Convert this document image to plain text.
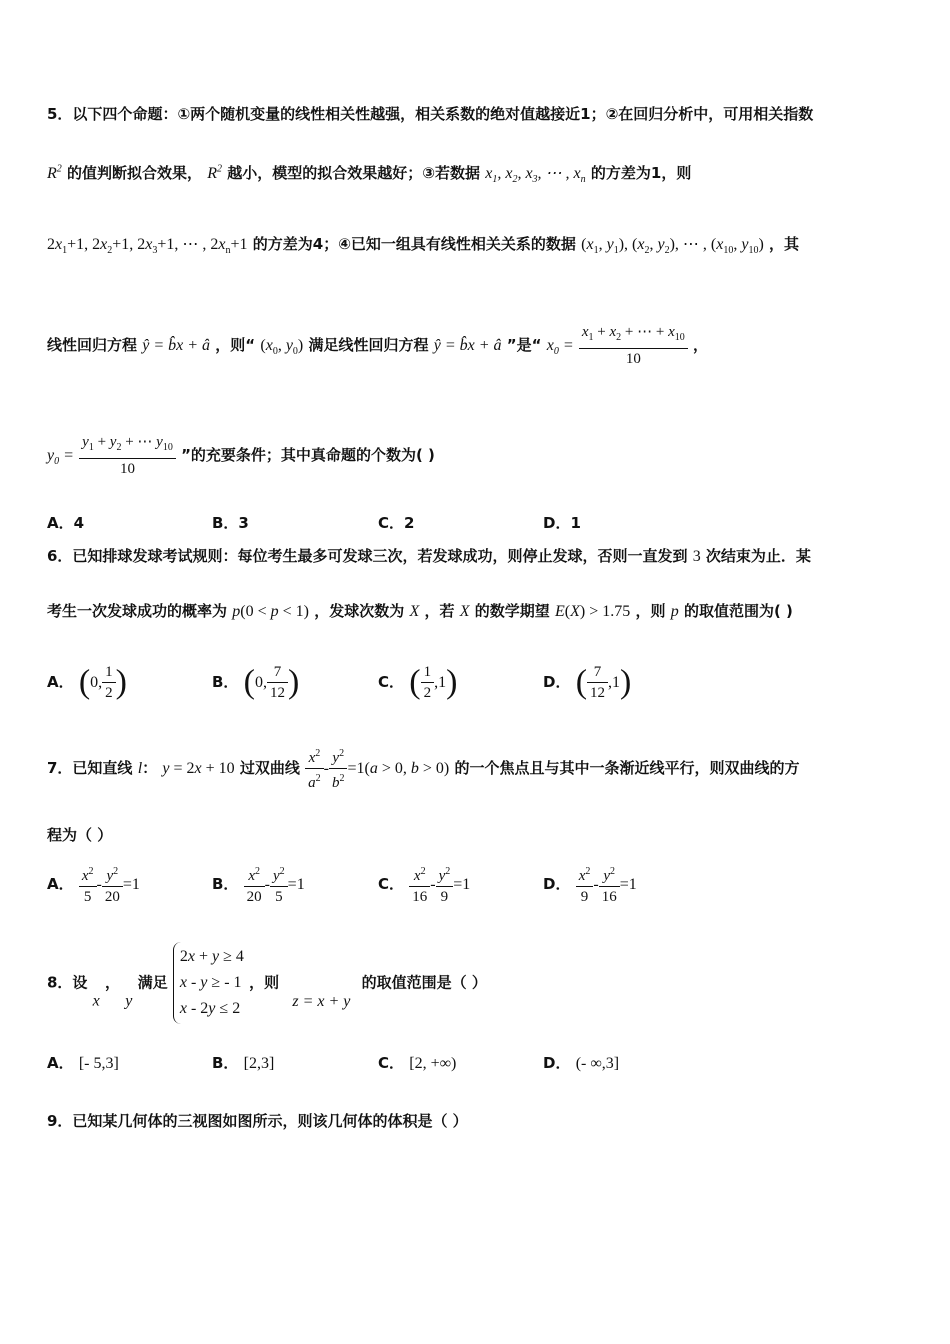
5．以下四个命题：①两个随机变量的线性相关性越强，相关系数的绝对值越接近1；②在回归分析中，可用相关指数
$R^2$ 的值判断拟合效果， $R^2$ 越小，模型的拟合效果越好；③若数据 $x_1$, $x_2$, $x_3$, ⋯ , $x_n$ 的方差为1，则
$2x_1+1$, $2x_2+1$, $2x_3+1$, ⋯ , $2x_n+1$ 的方差为4；④已知一组具有线性相关关系的数据 ($x_1$, $y_1$), ($x_2$, $y_2$), ⋯ , ($x_{10}$, $y_{10}$) ，其
线性回归方程 ŷ = b̂x + â ，则“ ($x_0$, $y_0$) 满足线性回归方程 ŷ = b̂x + â ”是“ $x_0 = \frac{x_1 + x_2 + \cdots + x_{10}}{10}$ ，
$y_0 = \frac{y_1 + y_2 + \cdots y_{10}}{10}$ ”的充要条件；其中真命题的个数为( )
A．4	B．3	C．2	D．1
6．已知排球发球考试规则：每位考生最多可发球三次，若发球成功，则停止发球，否则一直发到 3 次结束为止．某
考生一次发球成功的概率为 p(0 < p < 1) ，发球次数为 X ，若 X 的数学期望 E(X) > 1.75 ，则 p 的取值范围为( )
A． (0, $\frac{1}{2}$ )	B． (0, $\frac{7}{12}$ )	C． ( $\frac{1}{2} ,1$)	D． ( $\frac{7}{12} ,1$)
7．已知直线 l： y = 2x + 10 过双曲线 $\frac{x^2}{a^2} - \frac{y^2}{b^2} =1(a > 0$, b > 0) 的一个焦点且与其中一条渐近线平行，则双曲线的方
程为（ ）
A． $\frac{x^2}{5} - \frac{y^2}{20} =1$	B． $\frac{x^2}{20} - \frac{y^2}{5} =1$	C． $\frac{x^2}{16} - \frac{y^2}{9} =1$	D． $\frac{x^2}{9} - \frac{y^2}{16} =1$
8．设 x ， y 满足 2x + y ≥ 4
x - y ≥ - 1
x - 2y ≤ 2 ，则 z = x + y 的取值范围是（ ）
A． [- 5,3]	B． [2,3]	C． [2, +∞)	D． (- ∞,3]
9．已知某几何体的三视图如图所示，则该几何体的体积是（ ）
